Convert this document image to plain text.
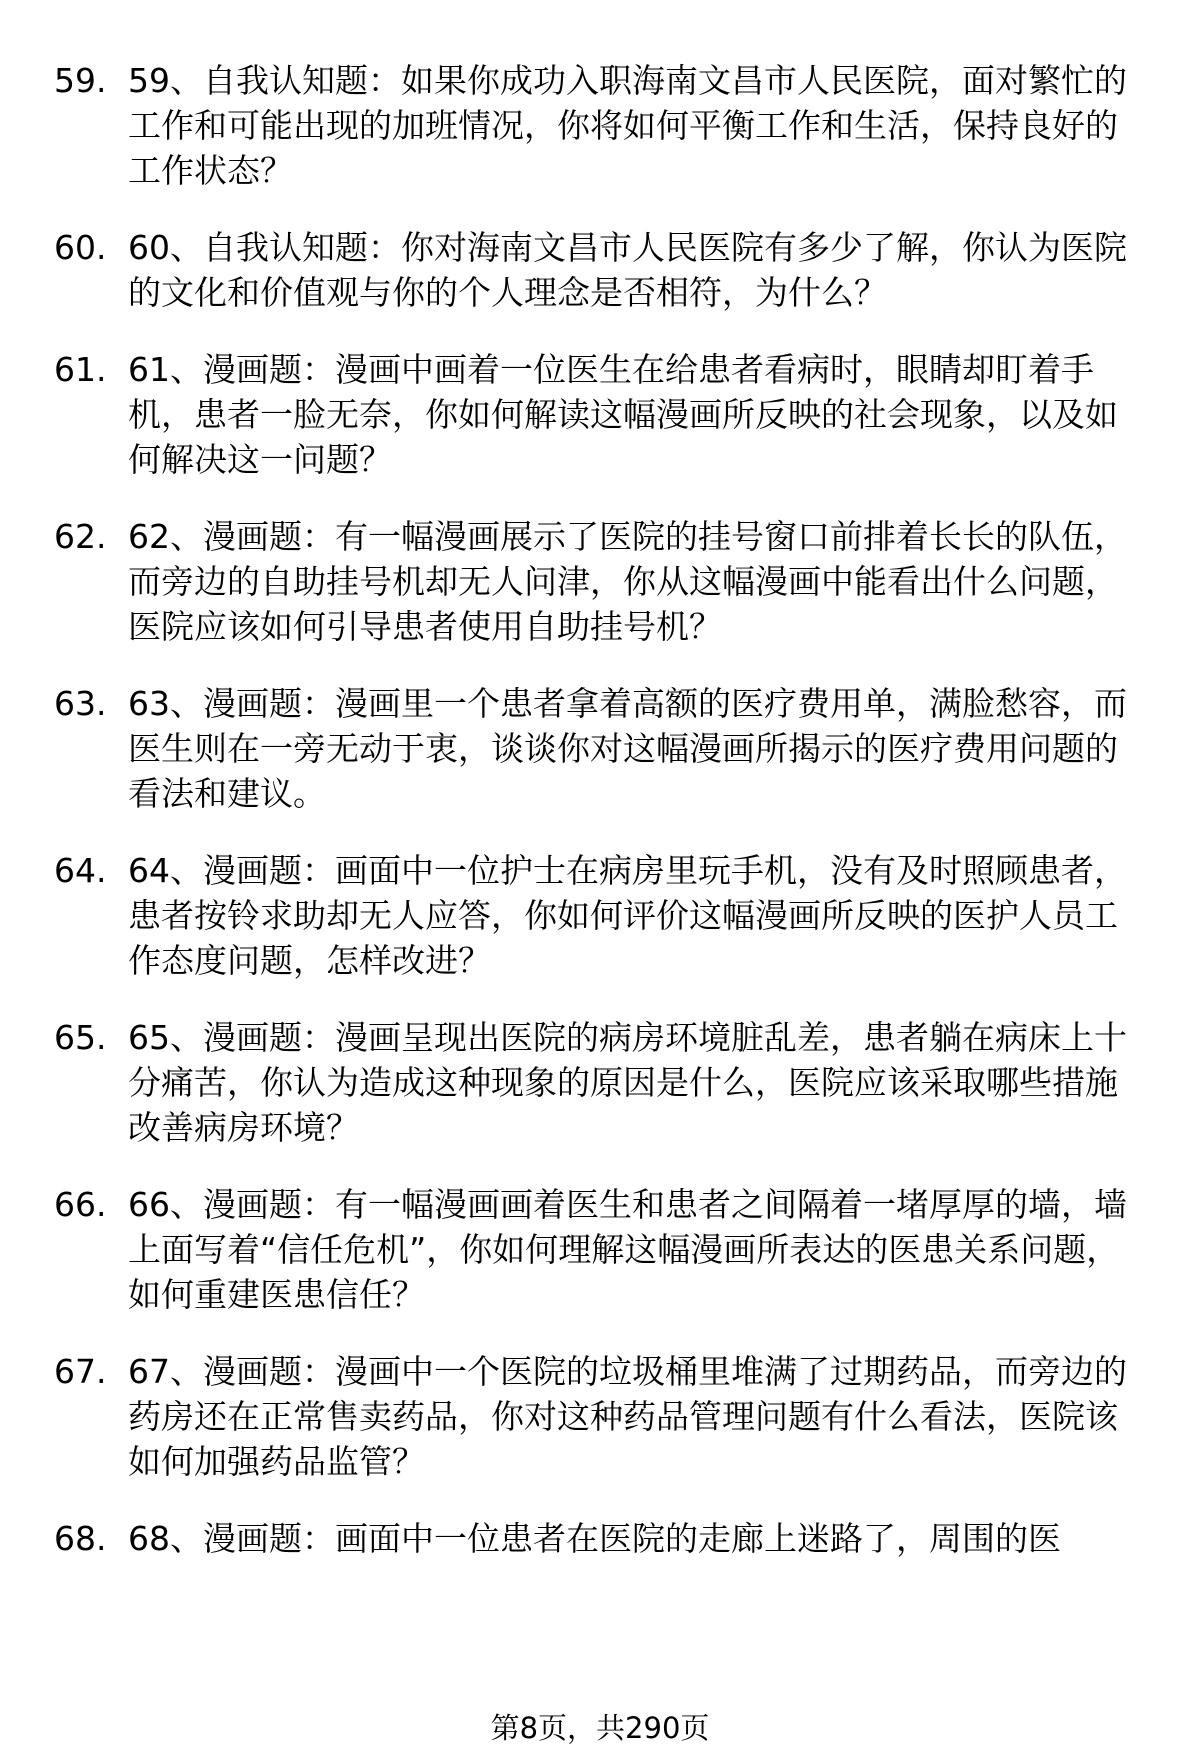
59. 59、自我认知题：如果你成功入职海南文昌市人民医院，面对繁忙的工作和可能出现的加班情况，你将如何平衡工作和生活，保持良好的工作状态？
60. 60、自我认知题：你对海南文昌市人民医院有多少了解，你认为医院的文化和价值观与你的个人理念是否相符，为什么？
61. 61、漫画题：漫画中画着一位医生在给患者看病时，眼睛却盯着手机，患者一脸无奈，你如何解读这幅漫画所反映的社会现象，以及如何解决这一问题？
62. 62、漫画题：有一幅漫画展示了医院的挂号窗口前排着长长的队伍，而旁边的自助挂号机却无人问津，你从这幅漫画中能看出什么问题，医院应该如何引导患者使用自助挂号机？
63. 63、漫画题：漫画里一个患者拿着高额的医疗费用单，满脸愁容，而医生则在一旁无动于衷，谈谈你对这幅漫画所揭示的医疗费用问题的看法和建议。
64. 64、漫画题：画面中一位护士在病房里玩手机，没有及时照顾患者，患者按铃求助却无人应答，你如何评价这幅漫画所反映的医护人员工作态度问题，怎样改进？
65. 65、漫画题：漫画呈现出医院的病房环境脏乱差，患者躺在病床上十分痛苦，你认为造成这种现象的原因是什么，医院应该采取哪些措施改善病房环境？
66. 66、漫画题：有一幅漫画画着医生和患者之间隔着一堵厚厚的墙，墙上面写着“信任危机”，你如何理解这幅漫画所表达的医患关系问题，如何重建医患信任？
67. 67、漫画题：漫画中一个医院的垃圾桶里堆满了过期药品，而旁边的药房还在正常售卖药品，你对这种药品管理问题有什么看法，医院该如何加强药品监管？
68. 68、漫画题：画面中一位患者在医院的走廊上迷路了，周围的医
第8页，共290页
